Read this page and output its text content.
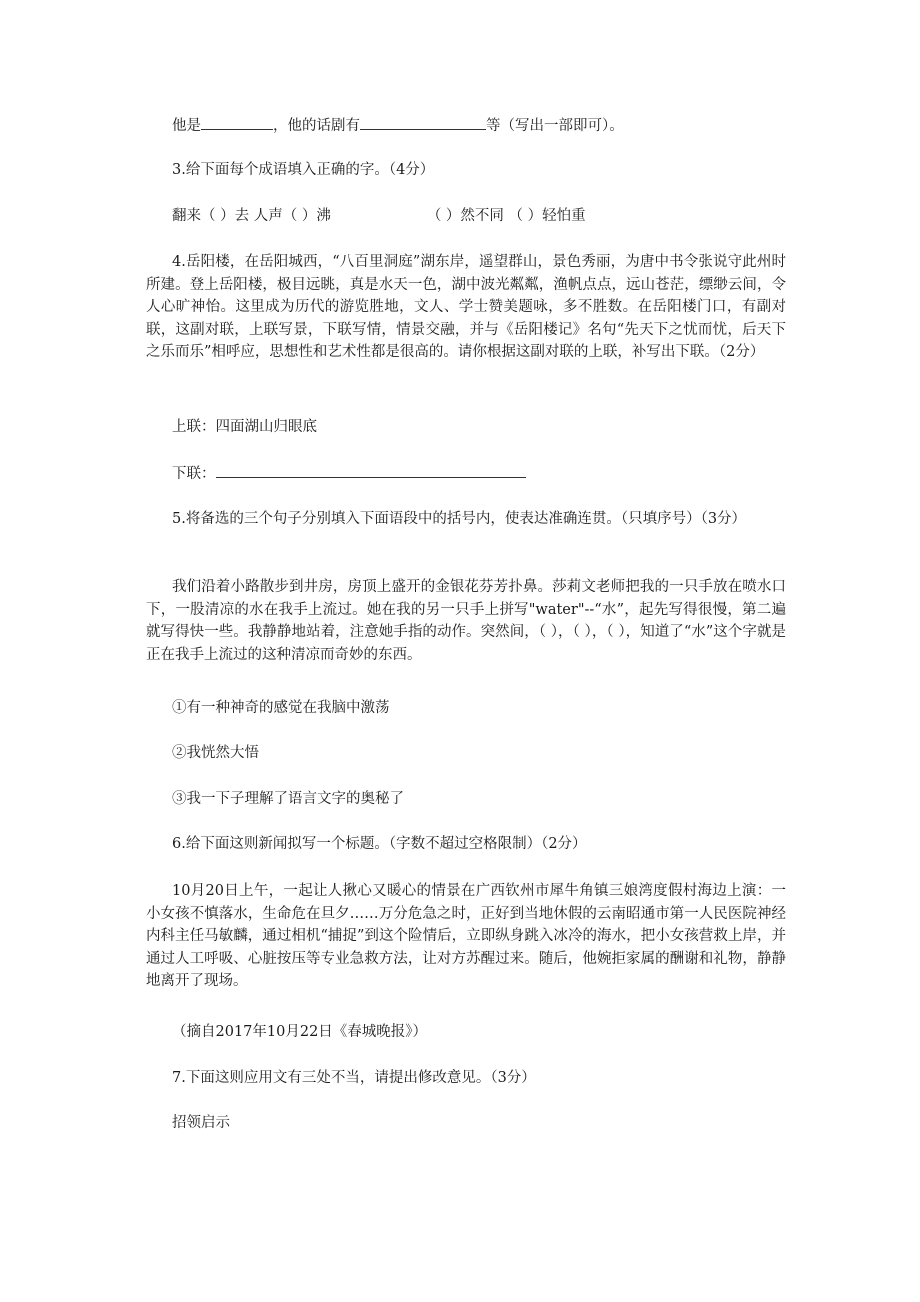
他是	，他的话剧有	等（写出一部即可）。
3.给下面每个成语填入正确的字。（4分）
翻来（ ）去 人声（ ）沸	（ ）然不同 （ ）轻怕重
4.岳阳楼，在岳阳城西，“八百里洞庭”湖东岸，遥望群山，景色秀丽，为唐中书令张说守此州时所建。登上岳阳楼，极目远眺，真是水天一色，湖中波光粼粼，渔帆点点，远山苍茫，缥缈云间，令人心旷神怡。这里成为历代的游览胜地，文人、学士赞美题咏，多不胜数。在岳阳楼门口，有副对联，这副对联，上联写景，下联写情，情景交融，并与《岳阳楼记》名句“先天下之忧而忧，后天下之乐而乐”相呼应，思想性和艺术性都是很高的。请你根据这副对联的上联，补写出下联。（2分）
上联：四面湖山归眼底
下联：
5.将备选的三个句子分别填入下面语段中的括号内，使表达准确连贯。（只填序号）（3分）
我们沿着小路散步到井房，房顶上盛开的金银花芬芳扑鼻。莎莉文老师把我的一只手放在喷水口下，一股清凉的水在我手上流过。她在我的另一只手上拼写"water"--“水”，起先写得很慢，第二遍就写得快一些。我静静地站着，注意她手指的动作。突然间，（ ），（ ），（ ），知道了“水”这个字就是正在我手上流过的这种清凉而奇妙的东西。
①有一种神奇的感觉在我脑中激荡
②我恍然大悟
③我一下子理解了语言文字的奥秘了
6.给下面这则新闻拟写一个标题。（字数不超过空格限制）（2分）
10月20日上午，一起让人揪心又暖心的情景在广西钦州市犀牛角镇三娘湾度假村海边上演：一小女孩不慎落水，生命危在旦夕……万分危急之时，正好到当地休假的云南昭通市第一人民医院神经内科主任马敏麟，通过相机“捕捉”到这个险情后，立即纵身跳入冰冷的海水，把小女孩营救上岸，并通过人工呼吸、心脏按压等专业急救方法，让对方苏醒过来。随后，他婉拒家属的酬谢和礼物，静静地离开了现场。
（摘自2017年10月22日《春城晚报》）
7.下面这则应用文有三处不当，请提出修改意见。（3分）
招领启示
